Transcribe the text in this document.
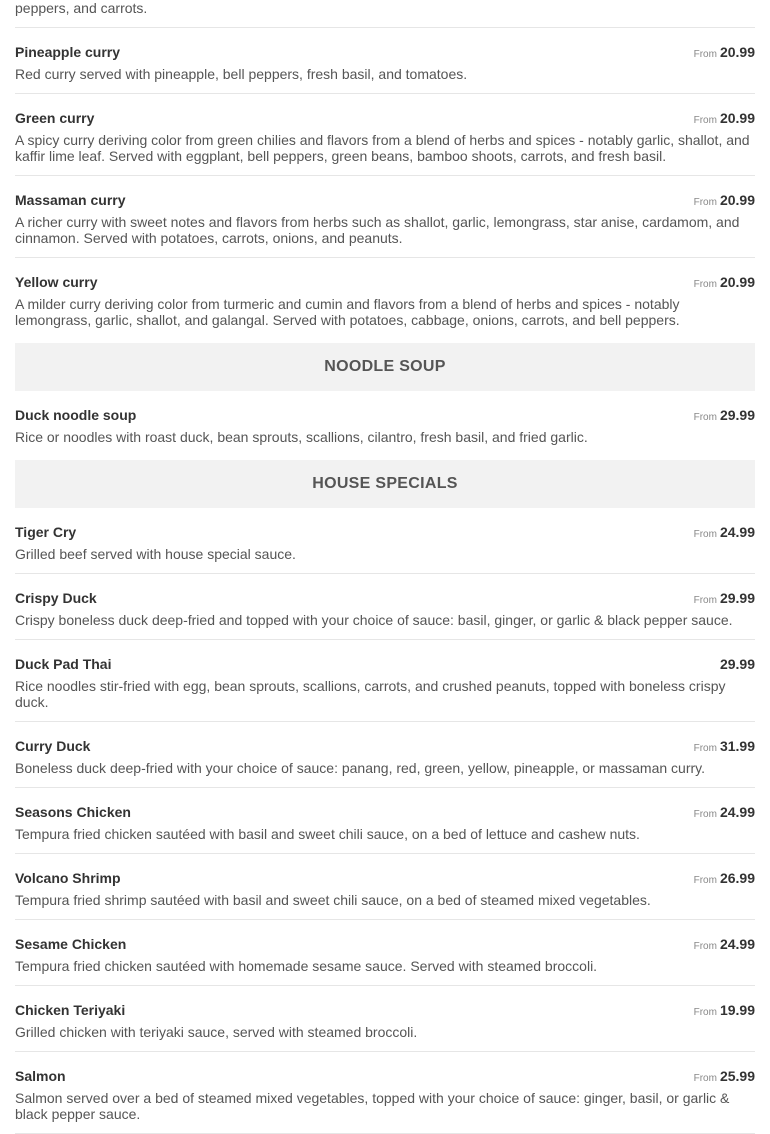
peppers, and carrots.
Pineapple curry	From 20.99
Red curry served with pineapple, bell peppers, fresh basil, and tomatoes.
Green curry	From 20.99
A spicy curry deriving color from green chilies and flavors from a blend of herbs and spices - notably garlic, shallot, and kaffir lime leaf. Served with eggplant, bell peppers, green beans, bamboo shoots, carrots, and fresh basil.
Massaman curry	From 20.99
A richer curry with sweet notes and flavors from herbs such as shallot, garlic, lemongrass, star anise, cardamom, and cinnamon. Served with potatoes, carrots, onions, and peanuts.
Yellow curry	From 20.99
A milder curry deriving color from turmeric and cumin and flavors from a blend of herbs and spices - notably lemongrass, garlic, shallot, and galangal. Served with potatoes, cabbage, onions, carrots, and bell peppers.
NOODLE SOUP
Duck noodle soup	From 29.99
Rice or noodles with roast duck, bean sprouts, scallions, cilantro, fresh basil, and fried garlic.
HOUSE SPECIALS
Tiger Cry	From 24.99
Grilled beef served with house special sauce.
Crispy Duck	From 29.99
Crispy boneless duck deep-fried and topped with your choice of sauce: basil, ginger, or garlic & black pepper sauce.
Duck Pad Thai	29.99
Rice noodles stir-fried with egg, bean sprouts, scallions, carrots, and crushed peanuts, topped with boneless crispy duck.
Curry Duck	From 31.99
Boneless duck deep-fried with your choice of sauce: panang, red, green, yellow, pineapple, or massaman curry.
Seasons Chicken	From 24.99
Tempura fried chicken sautéed with basil and sweet chili sauce, on a bed of lettuce and cashew nuts.
Volcano Shrimp	From 26.99
Tempura fried shrimp sautéed with basil and sweet chili sauce, on a bed of steamed mixed vegetables.
Sesame Chicken	From 24.99
Tempura fried chicken sautéed with homemade sesame sauce. Served with steamed broccoli.
Chicken Teriyaki	From 19.99
Grilled chicken with teriyaki sauce, served with steamed broccoli.
Salmon	From 25.99
Salmon served over a bed of steamed mixed vegetables, topped with your choice of sauce: ginger, basil, or garlic & black pepper sauce.
